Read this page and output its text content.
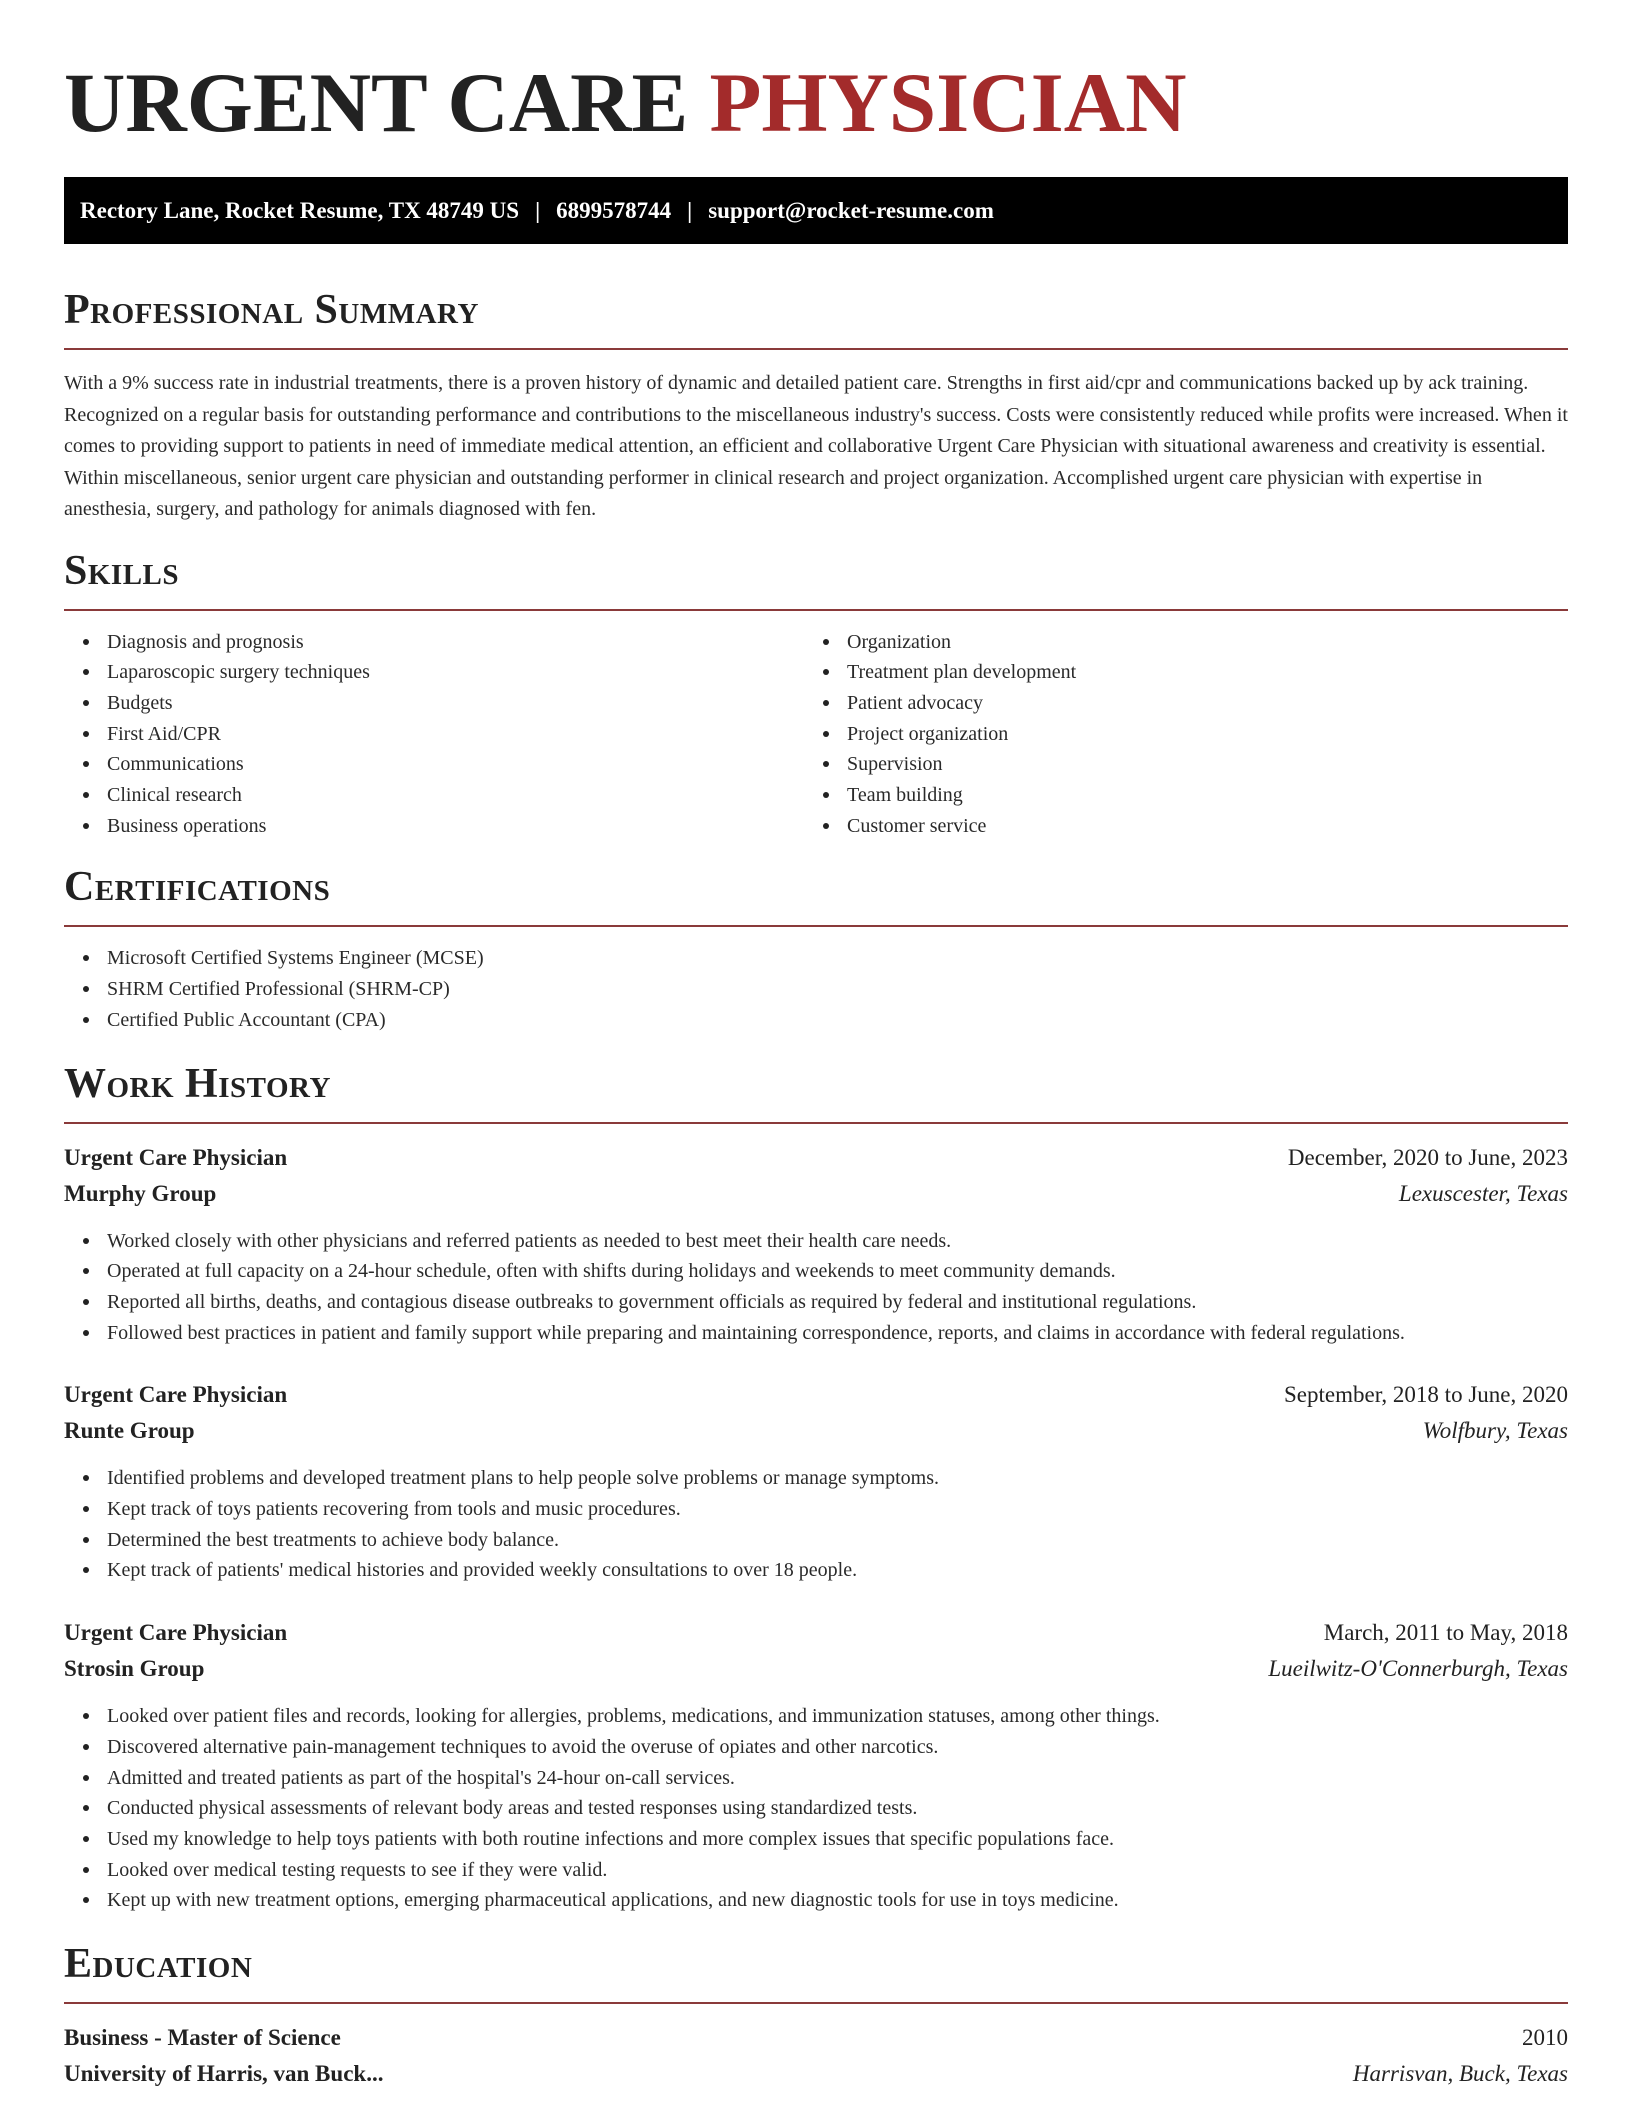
URGENT CARE PHYSICIAN
Rectory Lane, Rocket Resume, TX 48749 US | 6899578744 | support@rocket-resume.com
Professional Summary

With a 9% success rate in industrial treatments, there is a proven history of dynamic and detailed patient care. Strengths in first aid/cpr and communications backed up by ack training. Recognized on a regular basis for outstanding performance and contributions to the miscellaneous industry's success. Costs were consistently reduced while profits were increased. When it comes to providing support to patients in need of immediate medical attention, an efficient and collaborative Urgent Care Physician with situational awareness and creativity is essential. Within miscellaneous, senior urgent care physician and outstanding performer in clinical research and project organization. Accomplished urgent care physician with expertise in anesthesia, surgery, and pathology for animals diagnosed with fen.

Skills
Diagnosis and prognosis
Laparoscopic surgery techniques
Budgets
First Aid/CPR
Communications
Clinical research
Business operations
Organization
Treatment plan development
Patient advocacy
Project organization
Supervision
Team building
Customer service
Certifications
Microsoft Certified Systems Engineer (MCSE)
SHRM Certified Professional (SHRM-CP)
Certified Public Accountant (CPA)
Work History
Urgent Care Physician	December, 2020 to June, 2023
Murphy Group	Lexuscester, Texas
Worked closely with other physicians and referred patients as needed to best meet their health care needs.
Operated at full capacity on a 24-hour schedule, often with shifts during holidays and weekends to meet community demands.
Reported all births, deaths, and contagious disease outbreaks to government officials as required by federal and institutional regulations.
Followed best practices in patient and family support while preparing and maintaining correspondence, reports, and claims in accordance with federal regulations.
Urgent Care Physician	September, 2018 to June, 2020
Runte Group	Wolfbury, Texas
Identified problems and developed treatment plans to help people solve problems or manage symptoms.
Kept track of toys patients recovering from tools and music procedures.
Determined the best treatments to achieve body balance.
Kept track of patients' medical histories and provided weekly consultations to over 18 people.
Urgent Care Physician	March, 2011 to May, 2018
Strosin Group	Lueilwitz-O'Connerburgh, Texas
Looked over patient files and records, looking for allergies, problems, medications, and immunization statuses, among other things.
Discovered alternative pain-management techniques to avoid the overuse of opiates and other narcotics.
Admitted and treated patients as part of the hospital's 24-hour on-call services.
Conducted physical assessments of relevant body areas and tested responses using standardized tests.
Used my knowledge to help toys patients with both routine infections and more complex issues that specific populations face.
Looked over medical testing requests to see if they were valid.
Kept up with new treatment options, emerging pharmaceutical applications, and new diagnostic tools for use in toys medicine.
Education
Business - Master of Science	2010
University of Harris, van Buck...	Harrisvan, Buck, Texas
